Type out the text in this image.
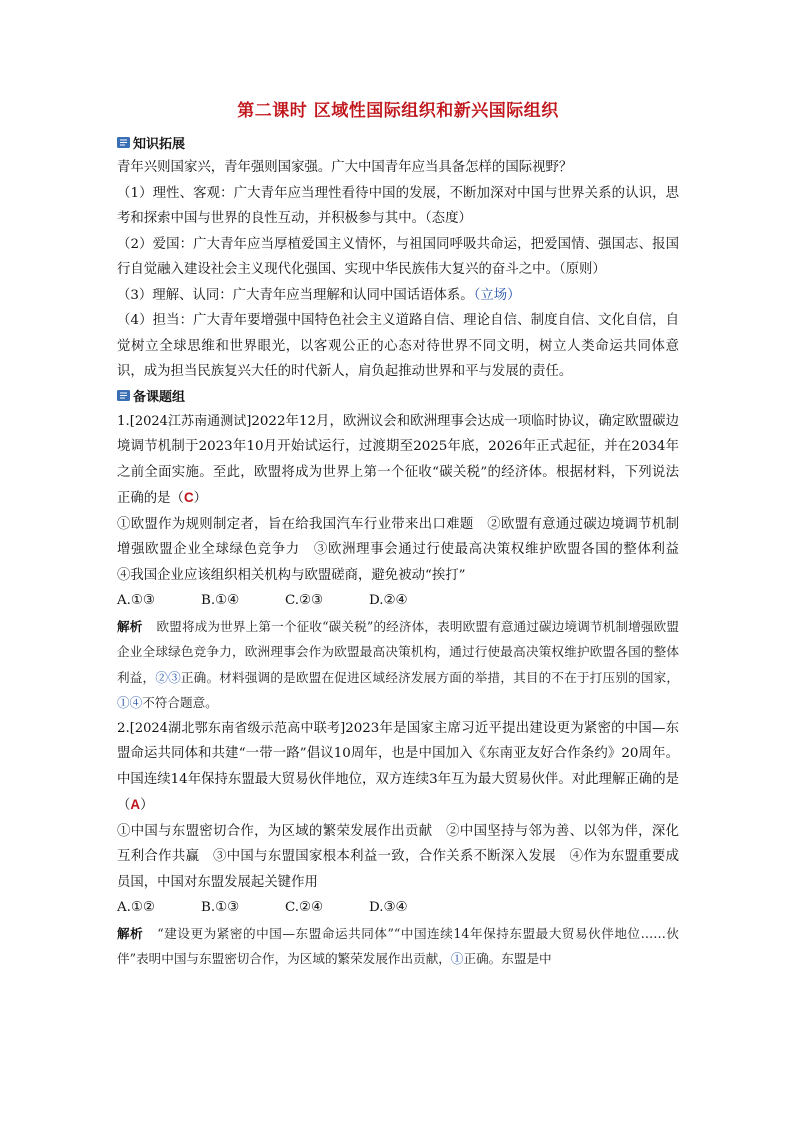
第二课时 区域性国际组织和新兴国际组织
知识拓展

青年兴则国家兴，青年强则国家强。广大中国青年应当具备怎样的国际视野？

（1）理性、客观：广大青年应当理性看待中国的发展，不断加深对中国与世界关系的认识，思考和探索中国与世界的良性互动，并积极参与其中。（态度）

（2）爱国：广大青年应当厚植爱国主义情怀，与祖国同呼吸共命运，把爱国情、强国志、报国行自觉融入建设社会主义现代化强国、实现中华民族伟大复兴的奋斗之中。（原则）

（3）理解、认同：广大青年应当理解和认同中国话语体系。（立场）

（4）担当：广大青年要增强中国特色社会主义道路自信、理论自信、制度自信、文化自信，自觉树立全球思维和世界眼光，以客观公正的心态对待世界不同文明，树立人类命运共同体意识，成为担当民族复兴大任的时代新人，肩负起推动世界和平与发展的责任。

备课题组

1.[2024江苏南通测试]2022年12月，欧洲议会和欧洲理事会达成一项临时协议，确定欧盟碳边境调节机制于2023年10月开始试运行，过渡期至2025年底，2026年正式起征，并在2034年之前全面实施。至此，欧盟将成为世界上第一个征收“碳关税”的经济体。根据材料，下列说法正确的是（C）

①欧盟作为规则制定者，旨在给我国汽车行业带来出口难题　②欧盟有意通过碳边境调节机制增强欧盟企业全球绿色竞争力　③欧洲理事会通过行使最高决策权维护欧盟各国的整体利益　④我国企业应该组织相关机构与欧盟磋商，避免被动“挨打”

A.①③	B.①④	C.②③	D.②④

解析 欧盟将成为世界上第一个征收“碳关税”的经济体，表明欧盟有意通过碳边境调节机制增强欧盟企业全球绿色竞争力，欧洲理事会作为欧盟最高决策机构，通过行使最高决策权维护欧盟各国的整体利益，②③正确。材料强调的是欧盟在促进区域经济发展方面的举措，其目的不在于打压别的国家，①④不符合题意。

2.[2024湖北鄂东南省级示范高中联考]2023年是国家主席习近平提出建设更为紧密的中国—东盟命运共同体和共建“一带一路”倡议10周年，也是中国加入《东南亚友好合作条约》20周年。中国连续14年保持东盟最大贸易伙伴地位，双方连续3年互为最大贸易伙伴。对此理解正确的是（A）

①中国与东盟密切合作，为区域的繁荣发展作出贡献　②中国坚持与邻为善、以邻为伴，深化互利合作共赢　③中国与东盟国家根本利益一致，合作关系不断深入发展　④作为东盟重要成员国，中国对东盟发展起关键作用

A.①②	B.①③	C.②④	D.③④

解析 “建设更为紧密的中国—东盟命运共同体”“中国连续14年保持东盟最大贸易伙伴地位……伙伴”表明中国与东盟密切合作，为区域的繁荣发展作出贡献，①正确。东盟是中
